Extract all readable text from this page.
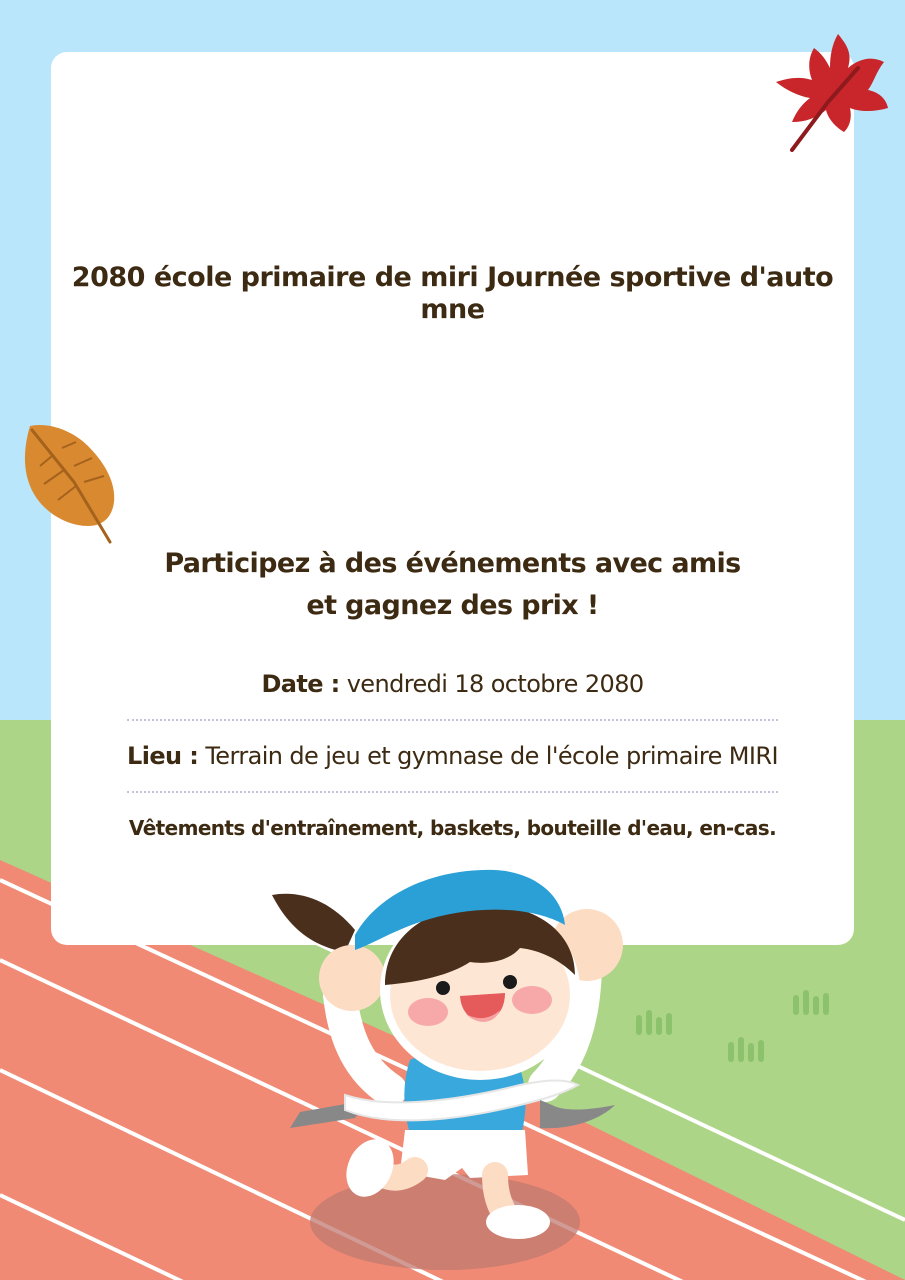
2080 école primaire de miri Journée sportive d'automne
Participez à des événements avec amis
et gagnez des prix !
Date : vendredi 18 octobre 2080
Lieu : Terrain de jeu et gymnase de l'école primaire MIRI
Vêtements d'entraînement, baskets, bouteille d'eau, en-cas.
